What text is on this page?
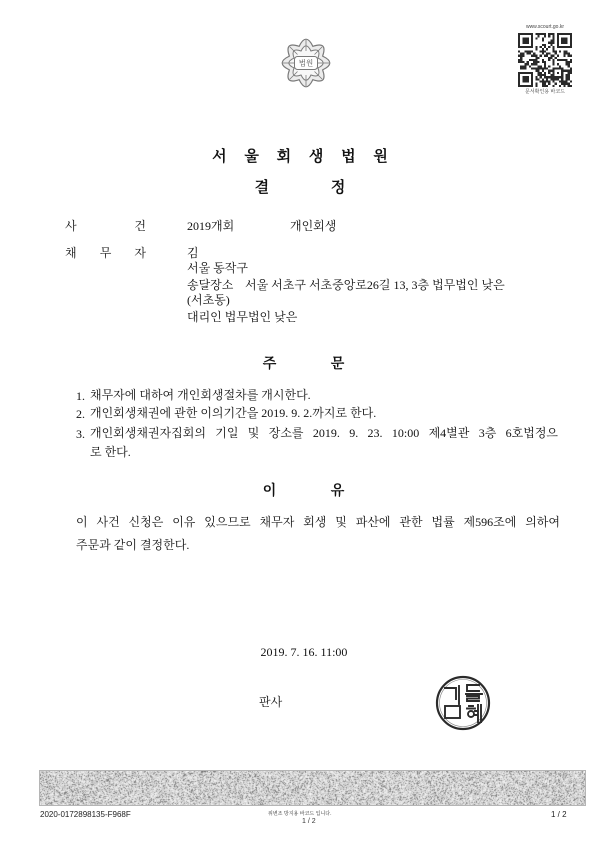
법원
www.scourt.go.kr
문서확인용 바코드
서 울 회 생 법 원
결 정
사 건	2019개회	개인회생
채 무 자	김
서울 동작구
송달장소 서울 서초구 서초중앙로26길 13, 3층 법무법인 낮은
(서초동)
대리인 법무법인 낮은
주 문
1. 채무자에 대하여 개인회생절차를 개시한다.
2. 개인회생채권에 관한 이의기간을 2019. 9. 2.까지로 한다.
3. 개인회생채권자집회의 기일 및 장소를 2019. 9. 23. 10:00 제4별관 3층 6호법정으
로 한다.
이 유
이 사건 신청은 이유 있으므로 채무자 회생 및 파산에 관한 법률 제596조에 의하여
주문과 같이 결정한다.
2019. 7. 16. 11:00
판사
2020-0172898135-F968F	위변조 방지용 바코드 입니다.
1 / 2
1 / 2
